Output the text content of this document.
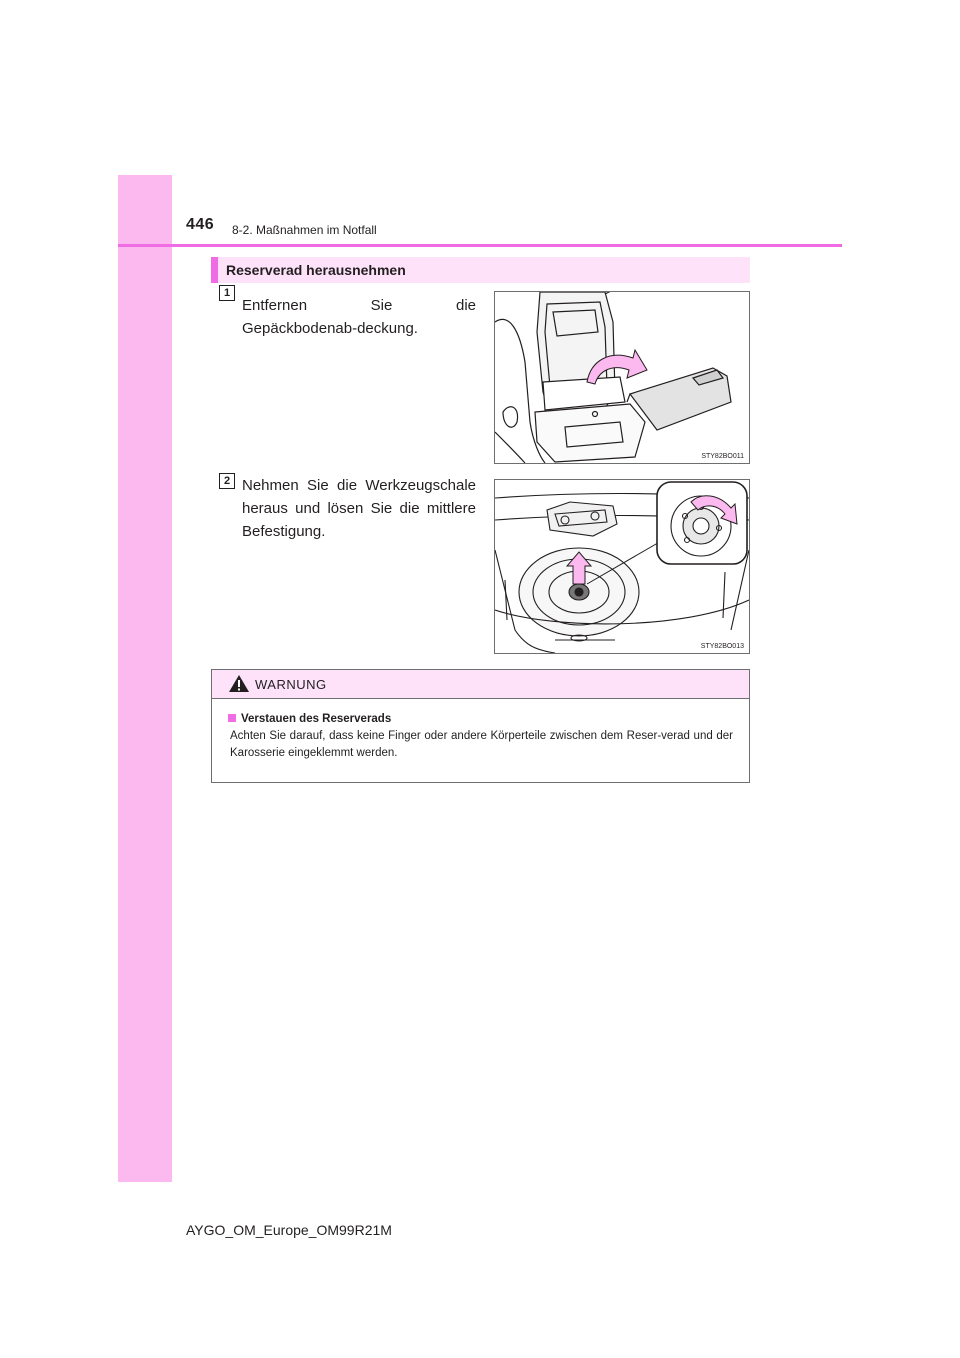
446 8-2. Maßnahmen im Notfall
Reserverad herausnehmen
1
Entfernen Sie die Gepäckbodenab-deckung.
STY82BO011
2 Nehmen Sie die Werkzeugschale heraus und lösen Sie die mittlere Befestigung.
STY82BO013
WARNUNG
Verstauen des Reserverads
Achten Sie darauf, dass keine Finger oder andere Körperteile zwischen dem Reser-verad und der Karosserie eingeklemmt werden.
AYGO_OM_Europe_OM99R21M
